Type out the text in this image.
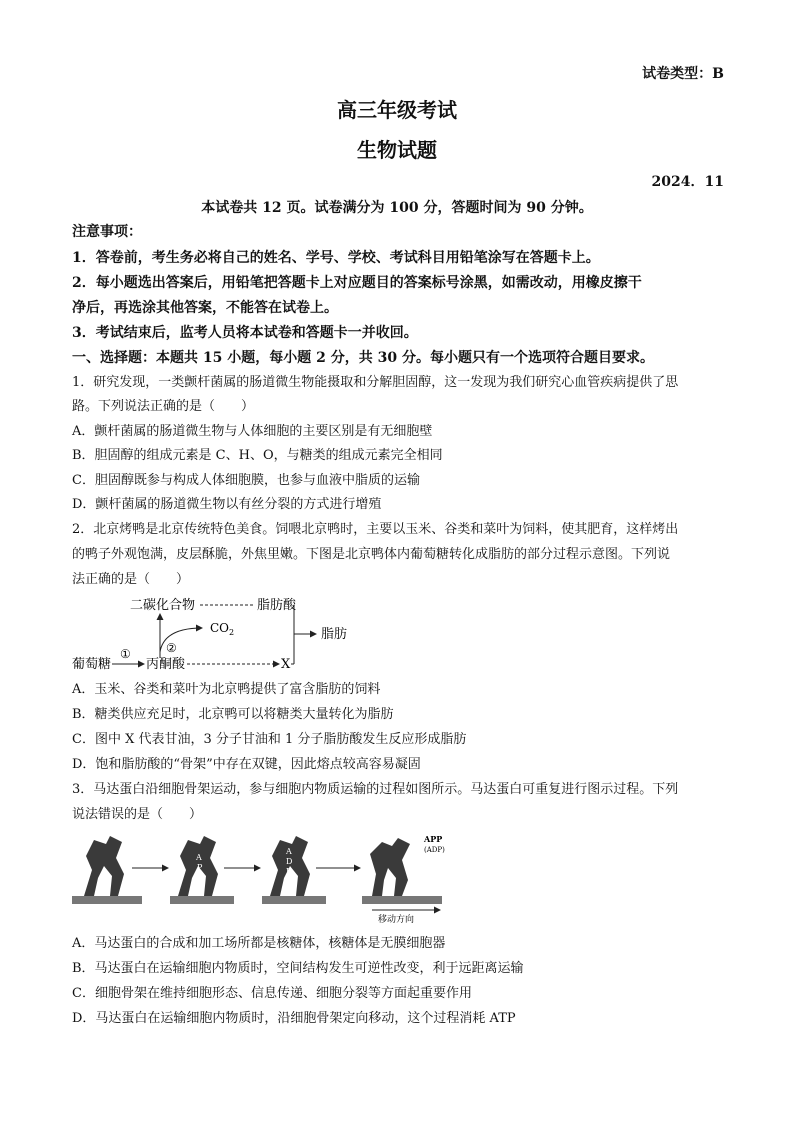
试卷类型：B
高三年级考试
生物试题
2024．11
本试卷共 12 页。试卷满分为 100 分，答题时间为 90 分钟。
注意事项：
1．答卷前，考生务必将自己的姓名、学号、学校、考试科目用铅笔涂写在答题卡上。
2．每小题选出答案后，用铅笔把答题卡上对应题目的答案标号涂黑，如需改动，用橡皮擦干
净后，再选涂其他答案，不能答在试卷上。
3．考试结束后，监考人员将本试卷和答题卡一并收回。
一、选择题：本题共 15 小题，每小题 2 分，共 30 分。每小题只有一个选项符合题目要求。
1．研究发现，一类颤杆菌属的肠道微生物能摄取和分解胆固醇，这一发现为我们研究心血管疾病提供了思
路。下列说法正确的是（　　）
A．颤杆菌属的肠道微生物与人体细胞的主要区别是有无细胞壁
B．胆固醇的组成元素是 C、H、O，与糖类的组成元素完全相同
C．胆固醇既参与构成人体细胞膜，也参与血液中脂质的运输
D．颤杆菌属的肠道微生物以有丝分裂的方式进行增殖
2．北京烤鸭是北京传统特色美食。饲喂北京鸭时，主要以玉米、谷类和菜叶为饲料，使其肥育，这样烤出
的鸭子外观饱满，皮层酥脆，外焦里嫩。下图是北京鸭体内葡萄糖转化成脂肪的部分过程示意图。下列说
法正确的是（　　）
二碳化合物	脂肪酸
脂肪
$CO_2$
②
葡萄糖
①
丙酮酸	X
A．玉米、谷类和菜叶为北京鸭提供了富含脂肪的饲料
B．糖类供应充足时，北京鸭可以将糖类大量转化为脂肪
C．图中 X 代表甘油，3 分子甘油和 1 分子脂肪酸发生反应形成脂肪
D．饱和脂肪酸的“骨架”中存在双键，因此熔点较高容易凝固
3．马达蛋白沿细胞骨架运动，参与细胞内物质运输的过程如图所示。马达蛋白可重复进行图示过程。下列
说法错误的是（　　）
A
P
A
D
P
APP
(ADP)
移动方向
A．马达蛋白的合成和加工场所都是核糖体，核糖体是无膜细胞器
B．马达蛋白在运输细胞内物质时，空间结构发生可逆性改变，利于远距离运输
C．细胞骨架在维持细胞形态、信息传递、细胞分裂等方面起重要作用
D．马达蛋白在运输细胞内物质时，沿细胞骨架定向移动，这个过程消耗 ATP
